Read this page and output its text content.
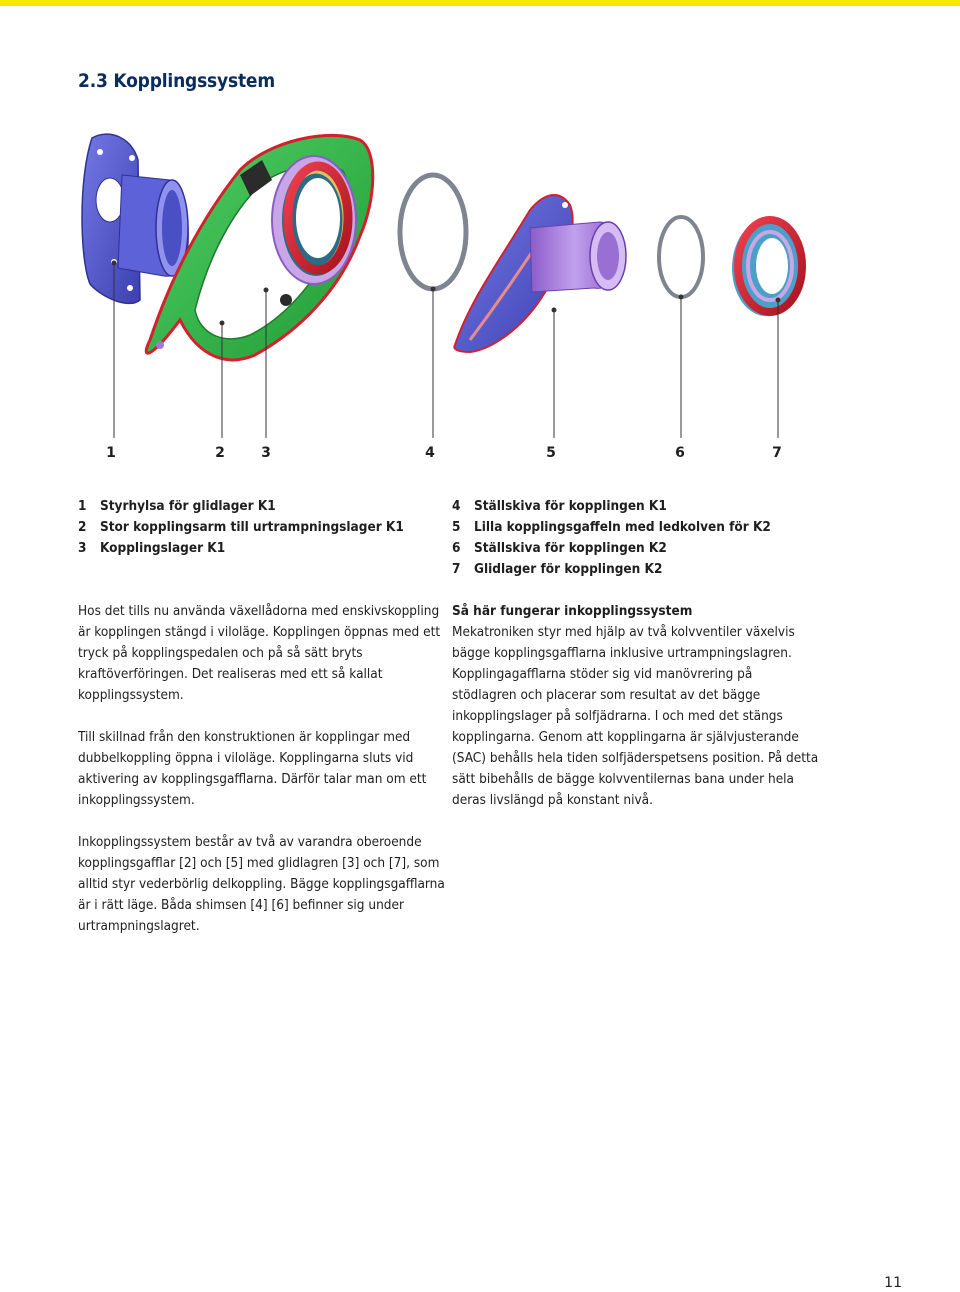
2.3 Kopplingssystem
1	2	3	4	5	6	7
1 Styrhylsa för glidlager K1
2 Stor kopplingsarm till urtrampningslager K1
3 Kopplingslager K1
4 Ställskiva för kopplingen K1
5 Lilla kopplingsgaffeln med ledkolven för K2
6 Ställskiva för kopplingen K2
7 Glidlager för kopplingen K2

Hos det tills nu använda växellådorna med enskivskoppling är kopplingen stängd i viloläge. Kopplingen öppnas med ett tryck på kopplingspedalen och på så sätt bryts kraftöverföringen. Det realiseras med ett så kallat kopplingssystem.

Till skillnad från den konstruktionen är kopplingar med dubbelkoppling öppna i viloläge. Kopplingarna sluts vid aktivering av kopplingsgafflarna. Därför talar man om ett inkopplingssystem.

Inkopplingssystem består av två av varandra oberoende kopplingsgafflar [2] och [5] med glidlagren [3] och [7], som alltid styr vederbörlig delkoppling. Bägge kopplingsgafflarna är i rätt läge. Båda shimsen [4] [6] befinner sig under urtrampningslagret.

Så här fungerar inkopplingssystem

Mekatroniken styr med hjälp av två kolvventiler växelvis bägge kopplingsgafflarna inklusive urtrampningslagren. Kopplingagafflarna stöder sig vid manövrering på stödlagren och placerar som resultat av det bägge inkopplingslager på solfjädrarna. I och med det stängs kopplingarna. Genom att kopplingarna är självjusterande (SAC) behålls hela tiden solfjäderspetsens position. På detta sätt bibehålls de bägge kolvventilernas bana under hela deras livslängd på konstant nivå.

11
